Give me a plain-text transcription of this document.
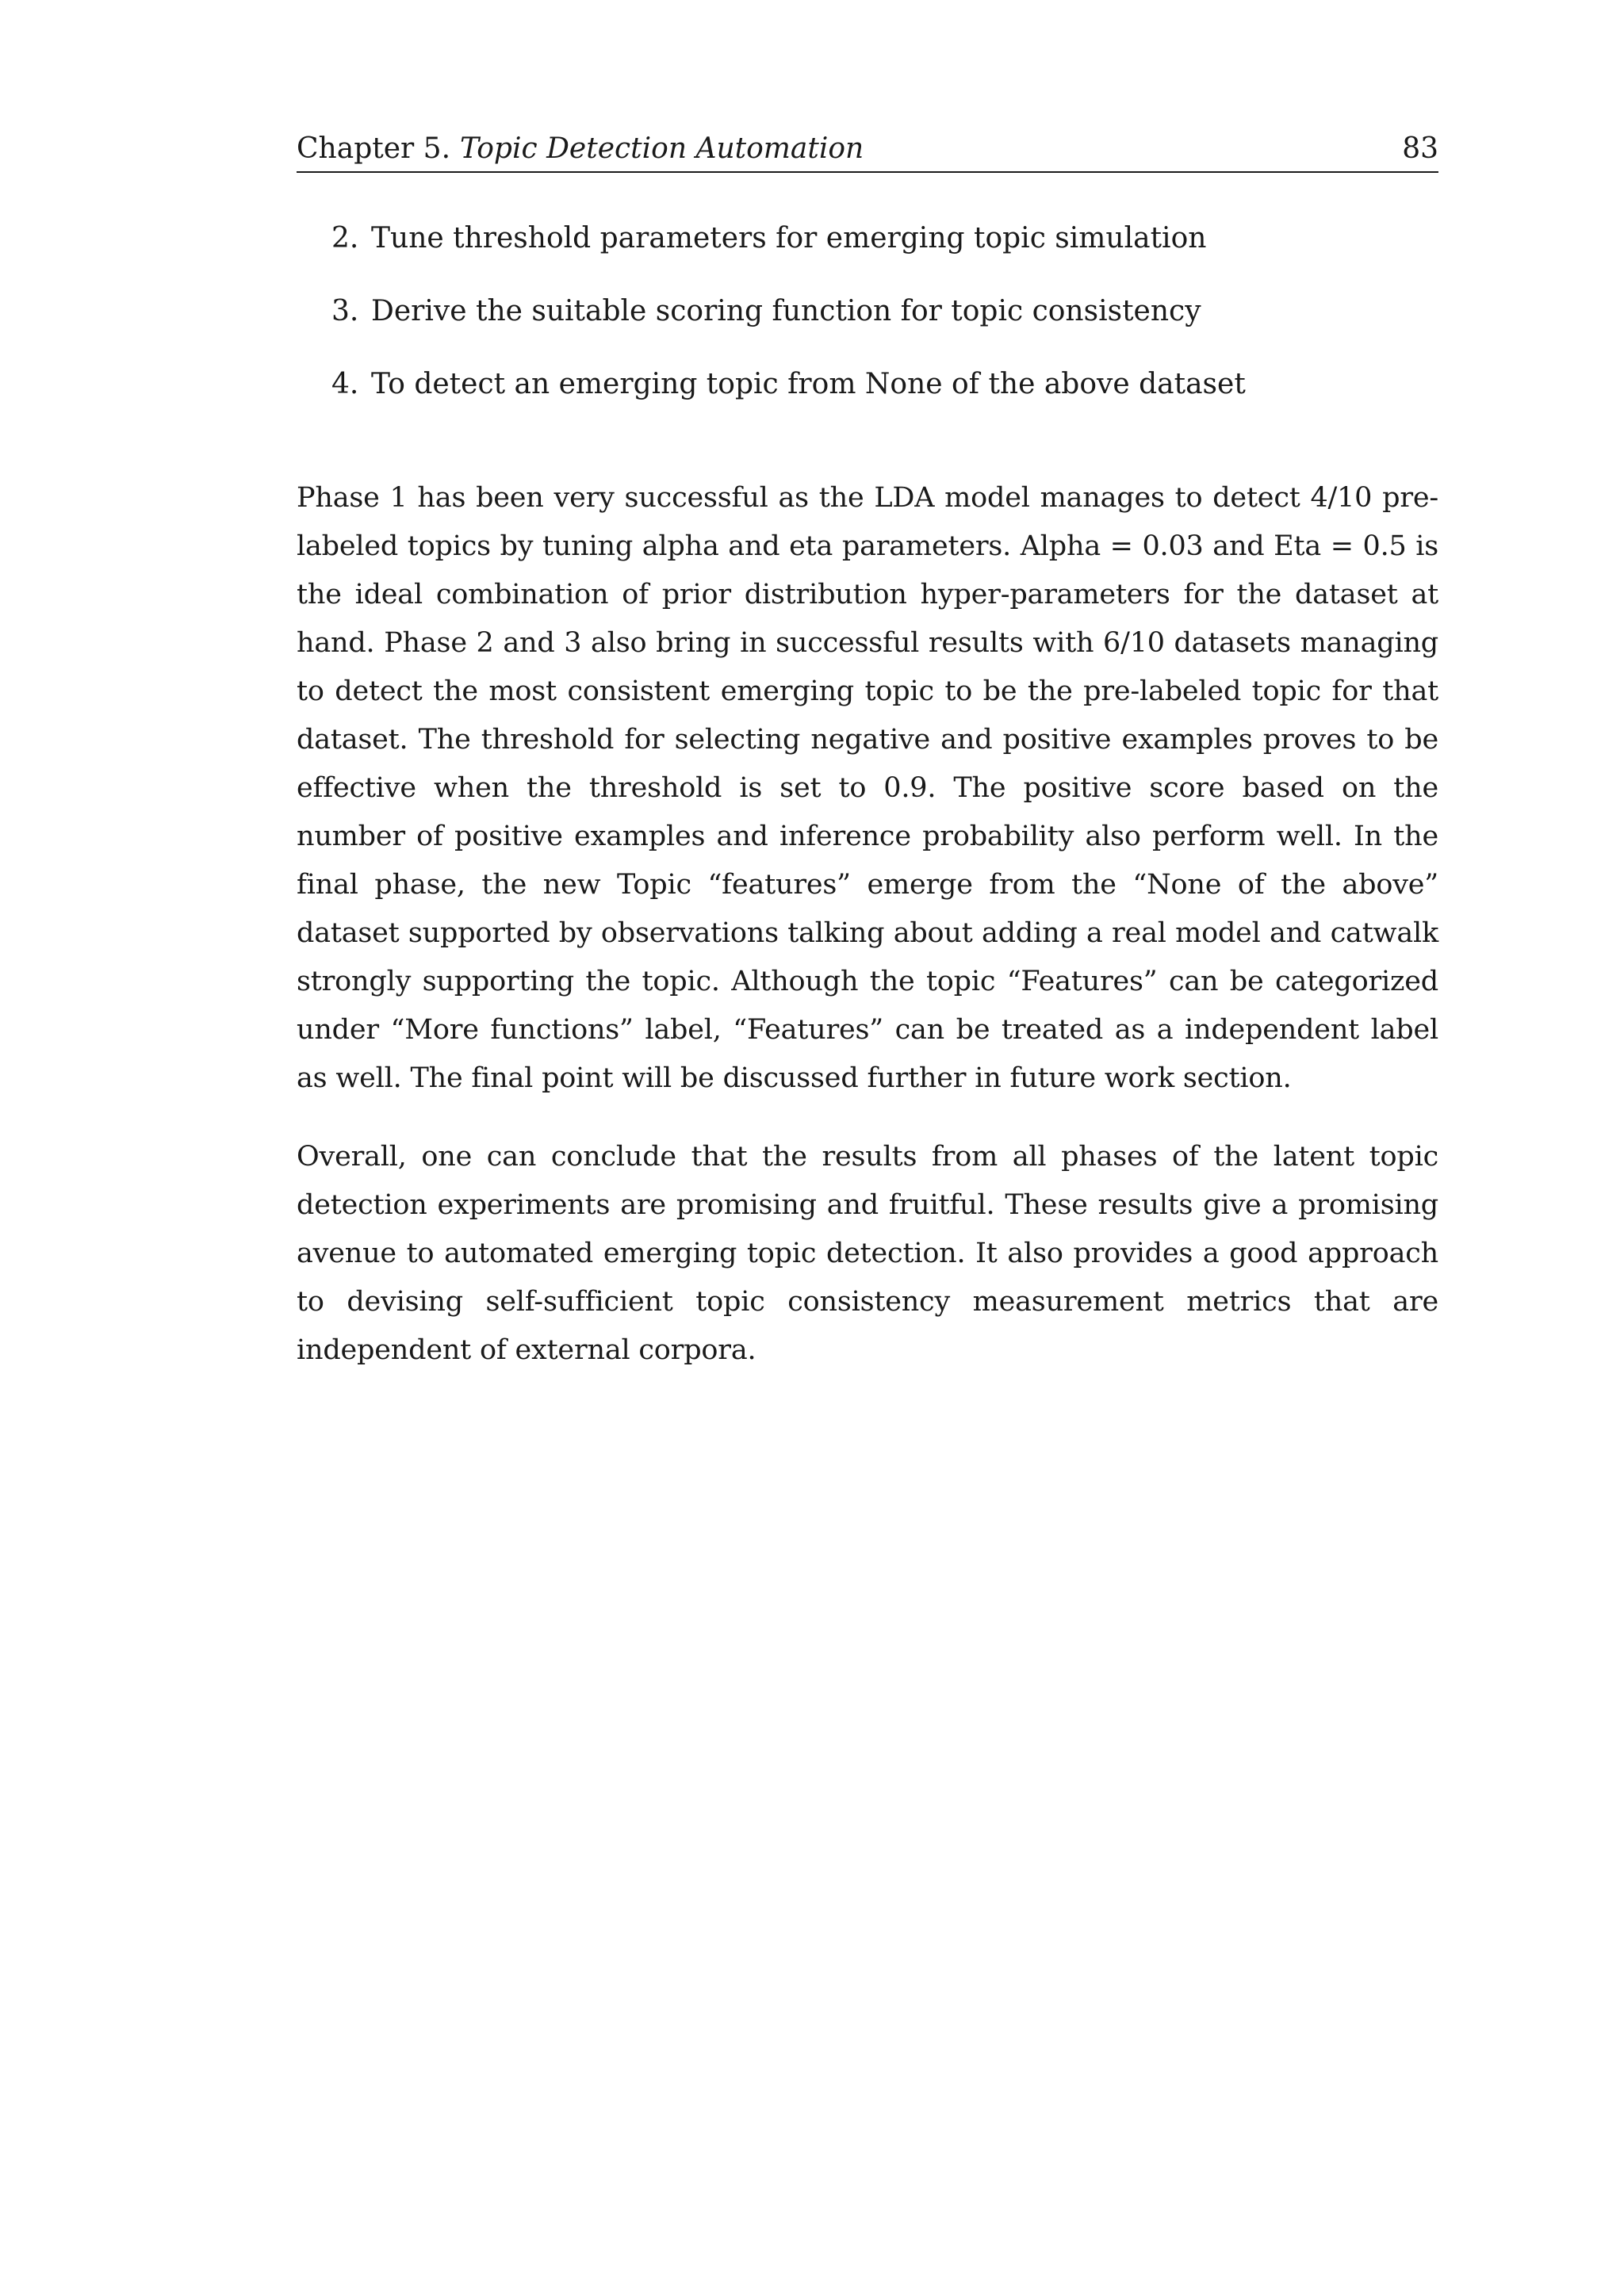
Chapter 5. Topic Detection Automation	83
2. Tune threshold parameters for emerging topic simulation
3. Derive the suitable scoring function for topic consistency
4. To detect an emerging topic from None of the above dataset

Phase 1 has been very successful as the LDA model manages to detect 4/10 pre-labeled topics by tuning alpha and eta parameters. Alpha = 0.03 and Eta = 0.5 is the ideal combination of prior distribution hyper-parameters for the dataset at hand. Phase 2 and 3 also bring in successful results with 6/10 datasets managing to detect the most consistent emerging topic to be the pre-labeled topic for that dataset. The threshold for selecting negative and positive examples proves to be effective when the threshold is set to 0.9. The positive score based on the number of positive examples and inference probability also perform well. In the final phase, the new Topic “features” emerge from the “None of the above” dataset supported by observations talking about adding a real model and catwalk strongly supporting the topic. Although the topic “Features” can be categorized under “More functions” label, “Features” can be treated as a independent label as well. The final point will be discussed further in future work section.

Overall, one can conclude that the results from all phases of the latent topic detection experiments are promising and fruitful. These results give a promising avenue to automated emerging topic detection. It also provides a good approach to devising self-sufficient topic consistency measurement metrics that are independent of external corpora.
